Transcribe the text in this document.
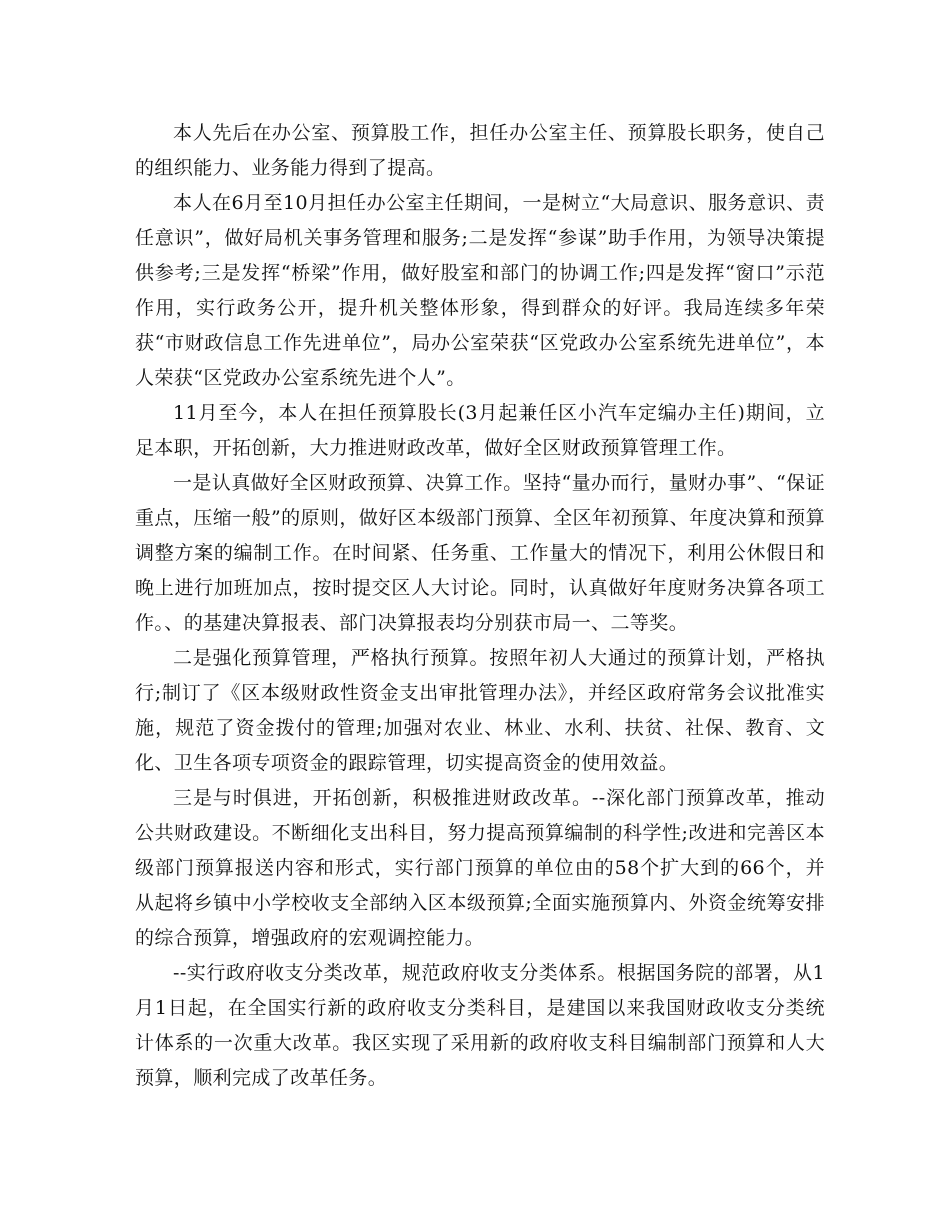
本人先后在办公室、预算股工作，担任办公室主任、预算股长职务，使自己的组织能力、业务能力得到了提高。

本人在6月至10月担任办公室主任期间，一是树立“大局意识、服务意识、责任意识”，做好局机关事务管理和服务;二是发挥“参谋”助手作用，为领导决策提供参考;三是发挥“桥梁”作用，做好股室和部门的协调工作;四是发挥“窗口”示范作用，实行政务公开，提升机关整体形象，得到群众的好评。我局连续多年荣获“市财政信息工作先进单位”，局办公室荣获“区党政办公室系统先进单位”，本人荣获“区党政办公室系统先进个人”。

11月至今，本人在担任预算股长(3月起兼任区小汽车定编办主任)期间，立足本职，开拓创新，大力推进财政改革，做好全区财政预算管理工作。

一是认真做好全区财政预算、决算工作。坚持“量办而行，量财办事”、“保证重点，压缩一般”的原则，做好区本级部门预算、全区年初预算、年度决算和预算调整方案的编制工作。在时间紧、任务重、工作量大的情况下，利用公休假日和晚上进行加班加点，按时提交区人大讨论。同时，认真做好年度财务决算各项工作。、的基建决算报表、部门决算报表均分别获市局一、二等奖。

二是强化预算管理，严格执行预算。按照年初人大通过的预算计划，严格执行;制订了《区本级财政性资金支出审批管理办法》，并经区政府常务会议批准实施，规范了资金拨付的管理;加强对农业、林业、水利、扶贫、社保、教育、文化、卫生各项专项资金的跟踪管理，切实提高资金的使用效益。

三是与时俱进，开拓创新，积极推进财政改革。--深化部门预算改革，推动公共财政建设。不断细化支出科目，努力提高预算编制的科学性;改进和完善区本级部门预算报送内容和形式，实行部门预算的单位由的58个扩大到的66个，并从起将乡镇中小学校收支全部纳入区本级预算;全面实施预算内、外资金统筹安排的综合预算，增强政府的宏观调控能力。

--实行政府收支分类改革，规范政府收支分类体系。根据国务院的部署，从1月1日起，在全国实行新的政府收支分类科目，是建国以来我国财政收支分类统计体系的一次重大改革。我区实现了采用新的政府收支科目编制部门预算和人大预算，顺利完成了改革任务。
